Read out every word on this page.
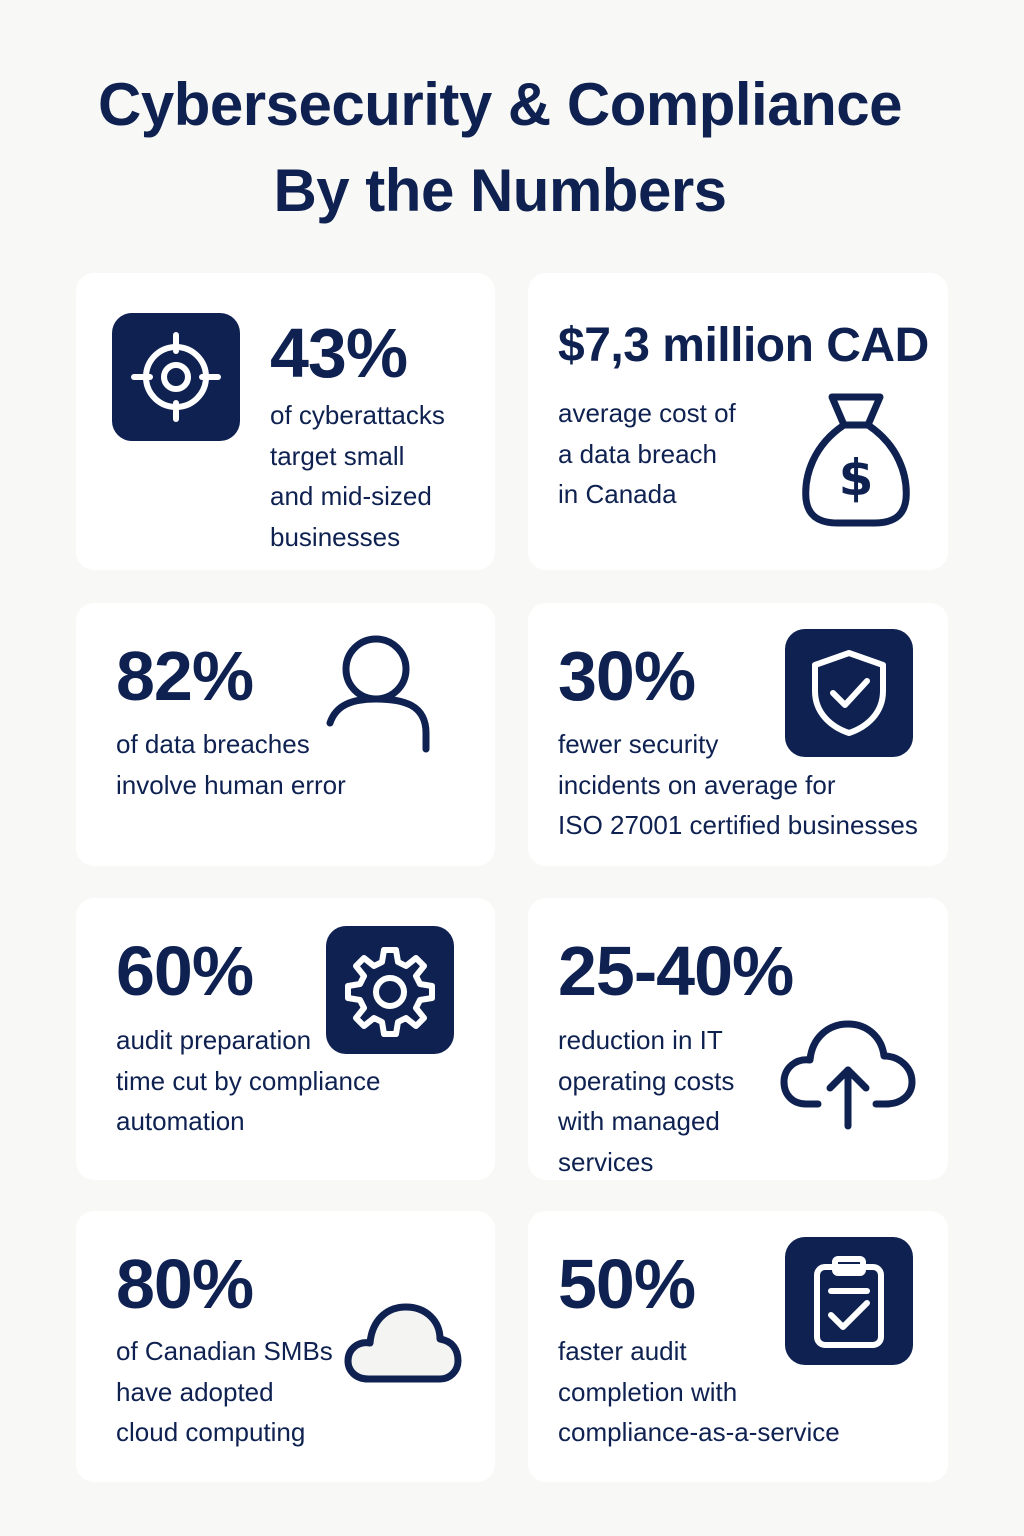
Cybersecurity & Compliance
By the Numbers
43%
of cyberattacks
target small
and mid-sized
businesses
$7,3 million CAD
average cost of
a data breach
in Canada	$
82%
of data breaches
involve human error
30%
fewer security
incidents on average for
ISO 27001 certified businesses
60%
audit preparation
time cut by compliance
automation
25-40%
reduction in IT
operating costs
with managed
services
80%
of Canadian SMBs
have adopted
cloud computing
50%
faster audit
completion with
compliance-as-a-service
